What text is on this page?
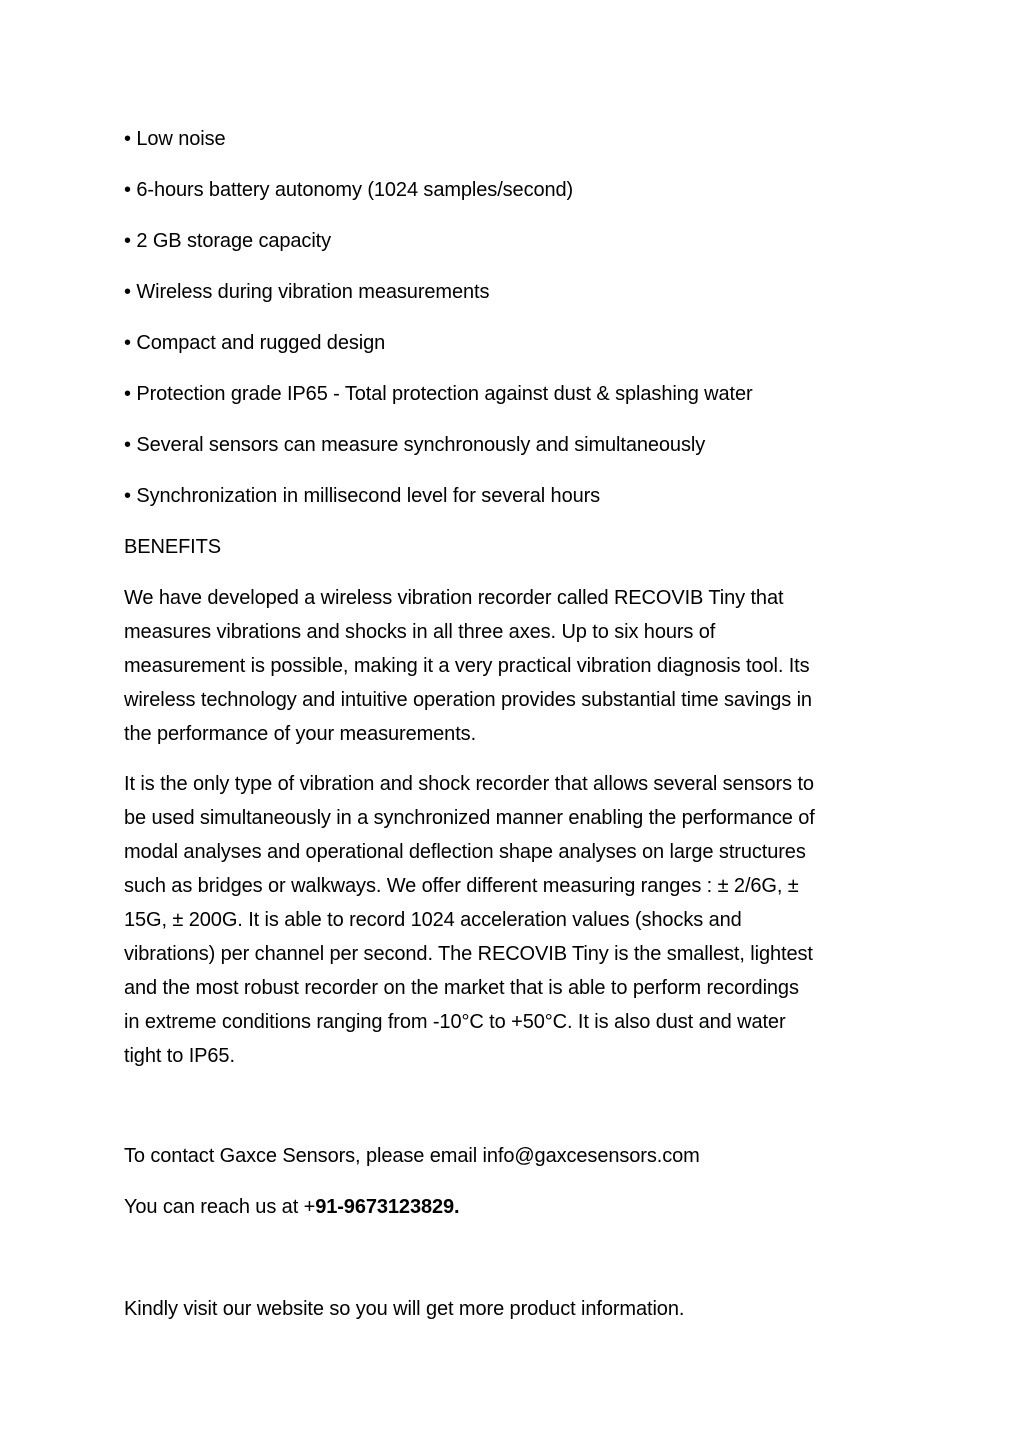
• Low noise
• 6-hours battery autonomy (1024 samples/second)
• 2 GB storage capacity
• Wireless during vibration measurements
• Compact and rugged design
• Protection grade IP65 - Total protection against dust & splashing water
• Several sensors can measure synchronously and simultaneously
• Synchronization in millisecond level for several hours
BENEFITS

We have developed a wireless vibration recorder called RECOVIB Tiny that

measures vibrations and shocks in all three axes. Up to six hours of

measurement is possible, making it a very practical vibration diagnosis tool. Its

wireless technology and intuitive operation provides substantial time savings in

the performance of your measurements.

It is the only type of vibration and shock recorder that allows several sensors to

be used simultaneously in a synchronized manner enabling the performance of

modal analyses and operational deflection shape analyses on large structures

such as bridges or walkways. We offer different measuring ranges : ± 2/6G, ±

15G, ± 200G. It is able to record 1024 acceleration values (shocks and

vibrations) per channel per second. The RECOVIB Tiny is the smallest, lightest

and the most robust recorder on the market that is able to perform recordings

in extreme conditions ranging from -10°C to +50°C. It is also dust and water

tight to IP65.

To contact Gaxce Sensors, please email info@gaxcesensors.com
You can reach us at +91-9673123829.
Kindly visit our website so you will get more product information.
